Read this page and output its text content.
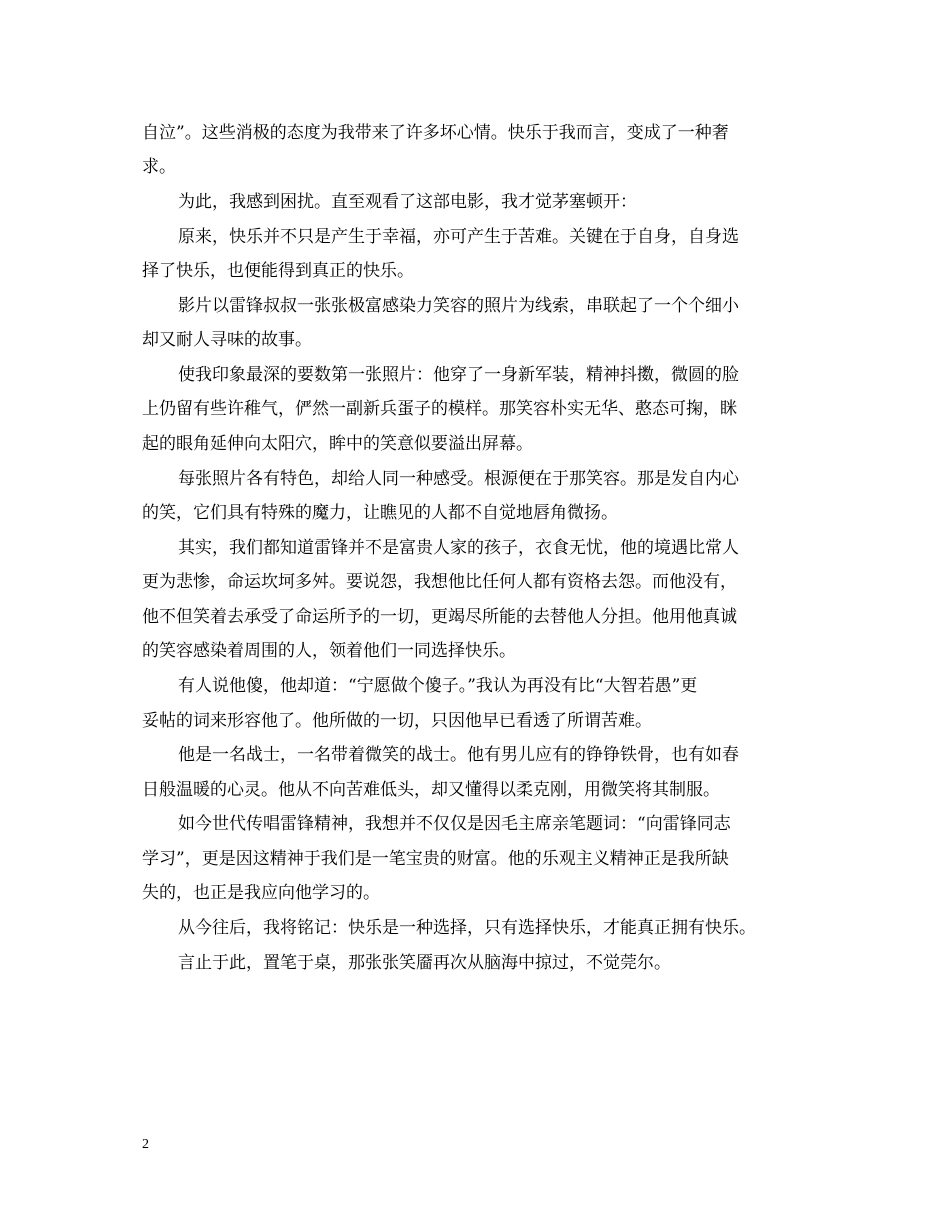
自泣”。这些消极的态度为我带来了许多坏心情。快乐于我而言，变成了一种奢

求。

为此，我感到困扰。直至观看了这部电影，我才觉茅塞顿开：

原来，快乐并不只是产生于幸福，亦可产生于苦难。关键在于自身，自身选

择了快乐，也便能得到真正的快乐。

影片以雷锋叔叔一张张极富感染力笑容的照片为线索，串联起了一个个细小

却又耐人寻味的故事。

使我印象最深的要数第一张照片：他穿了一身新军装，精神抖擞，微圆的脸

上仍留有些许稚气，俨然一副新兵蛋子的模样。那笑容朴实无华、憨态可掬，眯

起的眼角延伸向太阳穴，眸中的笑意似要溢出屏幕。

每张照片各有特色，却给人同一种感受。根源便在于那笑容。那是发自内心

的笑，它们具有特殊的魔力，让瞧见的人都不自觉地唇角微扬。

其实，我们都知道雷锋并不是富贵人家的孩子，衣食无忧，他的境遇比常人

更为悲惨，命运坎坷多舛。要说怨，我想他比任何人都有资格去怨。而他没有，

他不但笑着去承受了命运所予的一切，更竭尽所能的去替他人分担。他用他真诚

的笑容感染着周围的人，领着他们一同选择快乐。

有人说他傻，他却道：“宁愿做个傻子。”我认为再没有比“大智若愚”更

妥帖的词来形容他了。他所做的一切，只因他早已看透了所谓苦难。

他是一名战士，一名带着微笑的战士。他有男儿应有的铮铮铁骨，也有如春

日般温暖的心灵。他从不向苦难低头，却又懂得以柔克刚，用微笑将其制服。

如今世代传唱雷锋精神，我想并不仅仅是因毛主席亲笔题词：“向雷锋同志

学习”，更是因这精神于我们是一笔宝贵的财富。他的乐观主义精神正是我所缺

失的，也正是我应向他学习的。

从今往后，我将铭记：快乐是一种选择，只有选择快乐，才能真正拥有快乐。

言止于此，置笔于桌，那张张笑靥再次从脑海中掠过，不觉莞尔。

2
